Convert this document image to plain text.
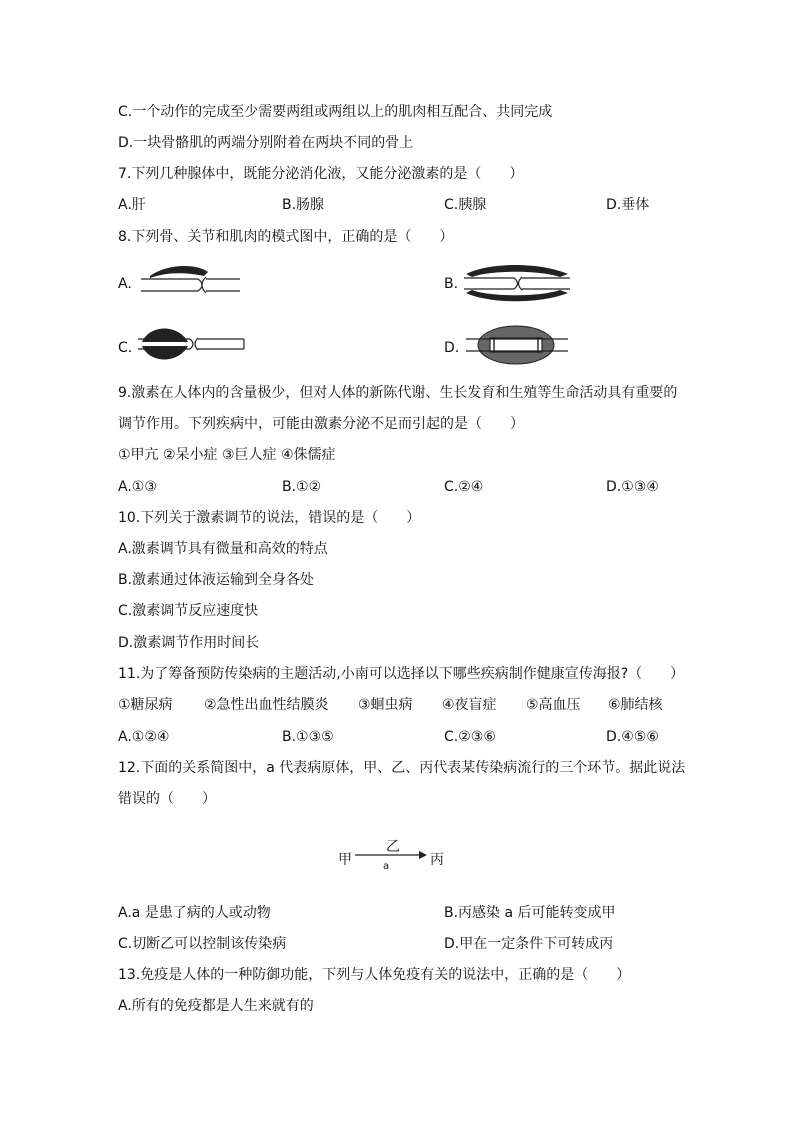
C.一个动作的完成至少需要两组或两组以上的肌肉相互配合、共同完成
D.一块骨骼肌的两端分别附着在两块不同的骨上
7.下列几种腺体中，既能分泌消化液，又能分泌激素的是（　　）
A.肝	B.肠腺	C.胰腺	D.垂体
8.下列骨、关节和肌肉的模式图中，正确的是（　　）
A.	B.
C.	D.
9.激素在人体内的含量极少，但对人体的新陈代谢、生长发育和生殖等生命活动具有重要的
调节作用。下列疾病中，可能由激素分泌不足而引起的是（　　）
①甲亢 ②呆小症 ③巨人症 ④侏儒症
A.①③	B.①②	C.②④	D.①③④
10.下列关于激素调节的说法，错误的是（　　）
A.激素调节具有微量和高效的特点
B.激素通过体液运输到全身各处
C.激素调节反应速度快
D.激素调节作用时间长
11.为了筹备预防传染病的主题活动,小南可以选择以下哪些疾病制作健康宣传海报?（　　）
①糖尿病 ②急性出血性结膜炎 ③蛔虫病 ④夜盲症 ⑤高血压 ⑥肺结核
A.①②④	B.①③⑤	C.②③⑥	D.④⑤⑥
12.下面的关系简图中，a 代表病原体，甲、乙、丙代表某传染病流行的三个环节。据此说法
错误的（　　）
甲
乙
a	丙
A.a 是患了病的人或动物	B.丙感染 a 后可能转变成甲
C.切断乙可以控制该传染病	D.甲在一定条件下可转成丙
13.免疫是人体的一种防御功能，下列与人体免疫有关的说法中，正确的是（　　）
A.所有的免疫都是人生来就有的
